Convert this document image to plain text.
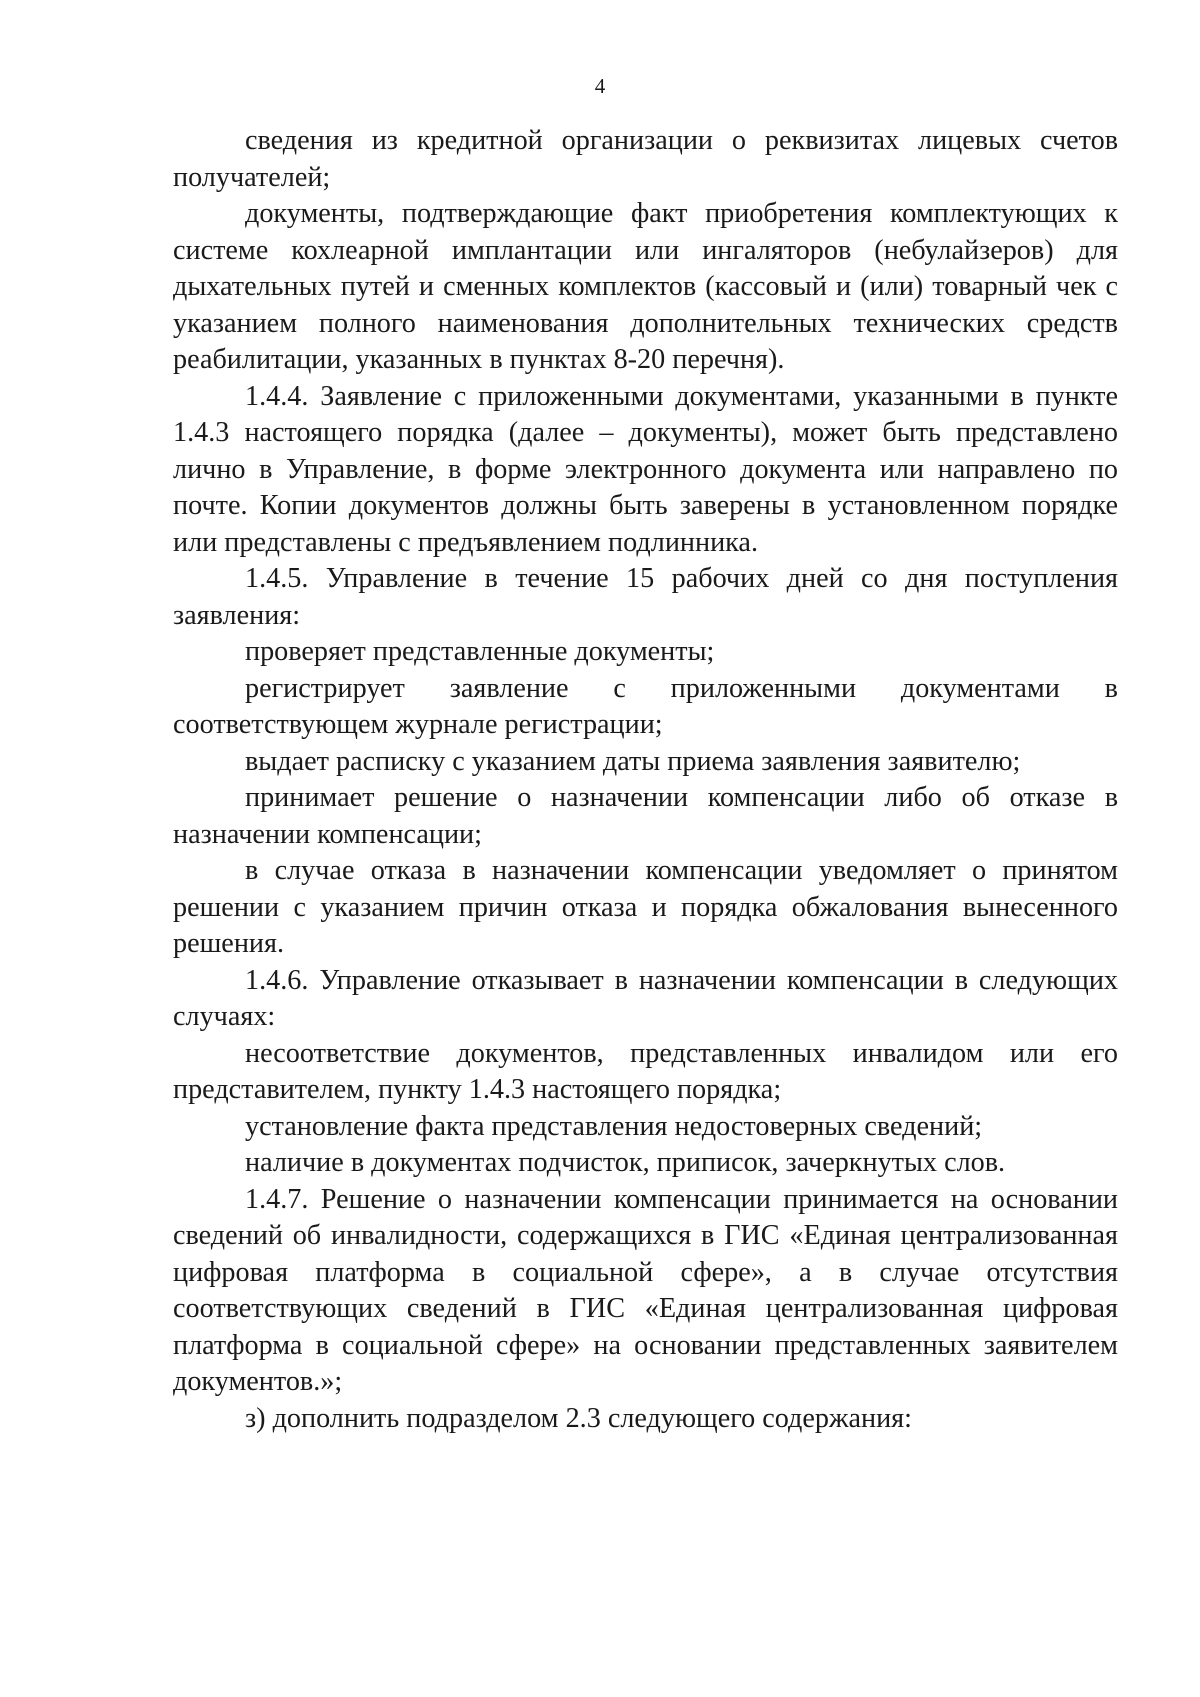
4

сведения из кредитной организации о реквизитах лицевых счетов получателей;

документы, подтверждающие факт приобретения комплектующих к системе кохлеарной имплантации или ингаляторов (небулайзеров) для дыхательных путей и сменных комплектов (кассовый и (или) товарный чек с указанием полного наименования дополнительных технических средств реабилитации, указанных в пунктах 8-20 перечня).

1.4.4. Заявление с приложенными документами, указанными в пункте 1.4.3 настоящего порядка (далее – документы), может быть представлено лично в Управление, в форме электронного документа или направлено по почте. Копии документов должны быть заверены в установленном порядке или представлены с предъявлением подлинника.

1.4.5. Управление в течение 15 рабочих дней со дня поступления заявления:

проверяет представленные документы;

регистрирует заявление с приложенными документами в соответствующем журнале регистрации;

выдает расписку с указанием даты приема заявления заявителю;

принимает решение о назначении компенсации либо об отказе в назначении компенсации;

в случае отказа в назначении компенсации уведомляет о принятом решении с указанием причин отказа и порядка обжалования вынесенного решения.

1.4.6. Управление отказывает в назначении компенсации в следующих случаях:

несоответствие документов, представленных инвалидом или его представителем, пункту 1.4.3 настоящего порядка;

установление факта представления недостоверных сведений;

наличие в документах подчисток, приписок, зачеркнутых слов.

1.4.7. Решение о назначении компенсации принимается на основании сведений об инвалидности, содержащихся в ГИС «Единая централизованная цифровая платформа в социальной сфере», а в случае отсутствия соответствующих сведений в ГИС «Единая централизованная цифровая платформа в социальной сфере» на основании представленных заявителем документов.»;

з) дополнить подразделом 2.3 следующего содержания:
